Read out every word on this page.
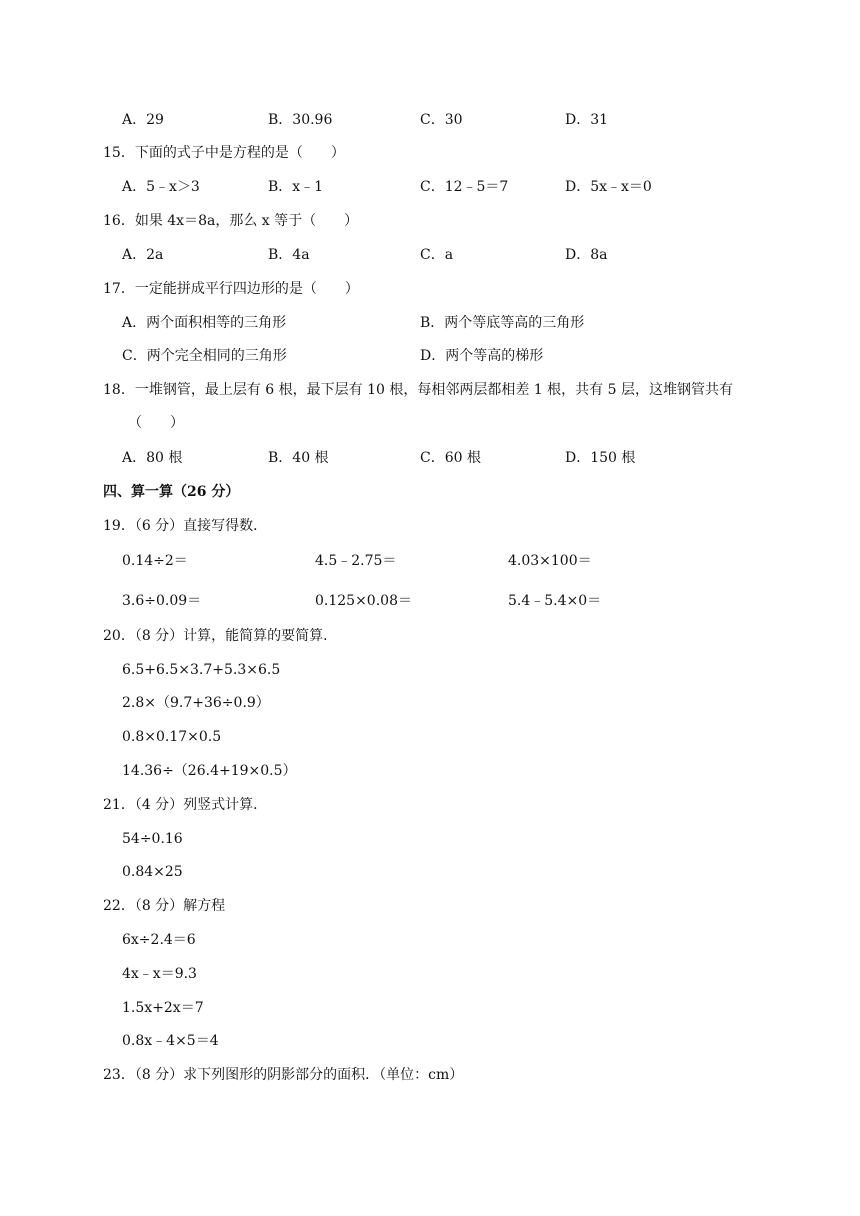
A．29	B．30.96	C．30	D．31
15．下面的式子中是方程的是（　　）
A．5﹣x＞3	B．x﹣1	C．12﹣5＝7	D．5x﹣x＝0
16．如果 4x＝8a，那么 x 等于（　　）
A．2a	B．4a	C．a	D．8a
17．一定能拼成平行四边形的是（　　）
A．两个面积相等的三角形	B．两个等底等高的三角形
C．两个完全相同的三角形	D．两个等高的梯形
18．一堆钢管，最上层有 6 根，最下层有 10 根，每相邻两层都相差 1 根，共有 5 层，这堆钢管共有
（　　）
A．80 根	B．40 根	C．60 根	D．150 根
四、算一算（26 分）
19．（6 分）直接写得数．
0.14÷2＝	4.5﹣2.75＝	4.03×100＝
3.6÷0.09＝	0.125×0.08＝	5.4﹣5.4×0＝
20．（8 分）计算，能简算的要简算．
6.5+6.5×3.7+5.3×6.5
2.8×（9.7+36÷0.9）
0.8×0.17×0.5
14.36÷（26.4+19×0.5）
21．（4 分）列竖式计算．
54÷0.16
0.84×25
22．（8 分）解方程
6x÷2.4＝6
4x﹣x＝9.3
1.5x+2x＝7
0.8x﹣4×5＝4
23．（8 分）求下列图形的阴影部分的面积．（单位：cm）
